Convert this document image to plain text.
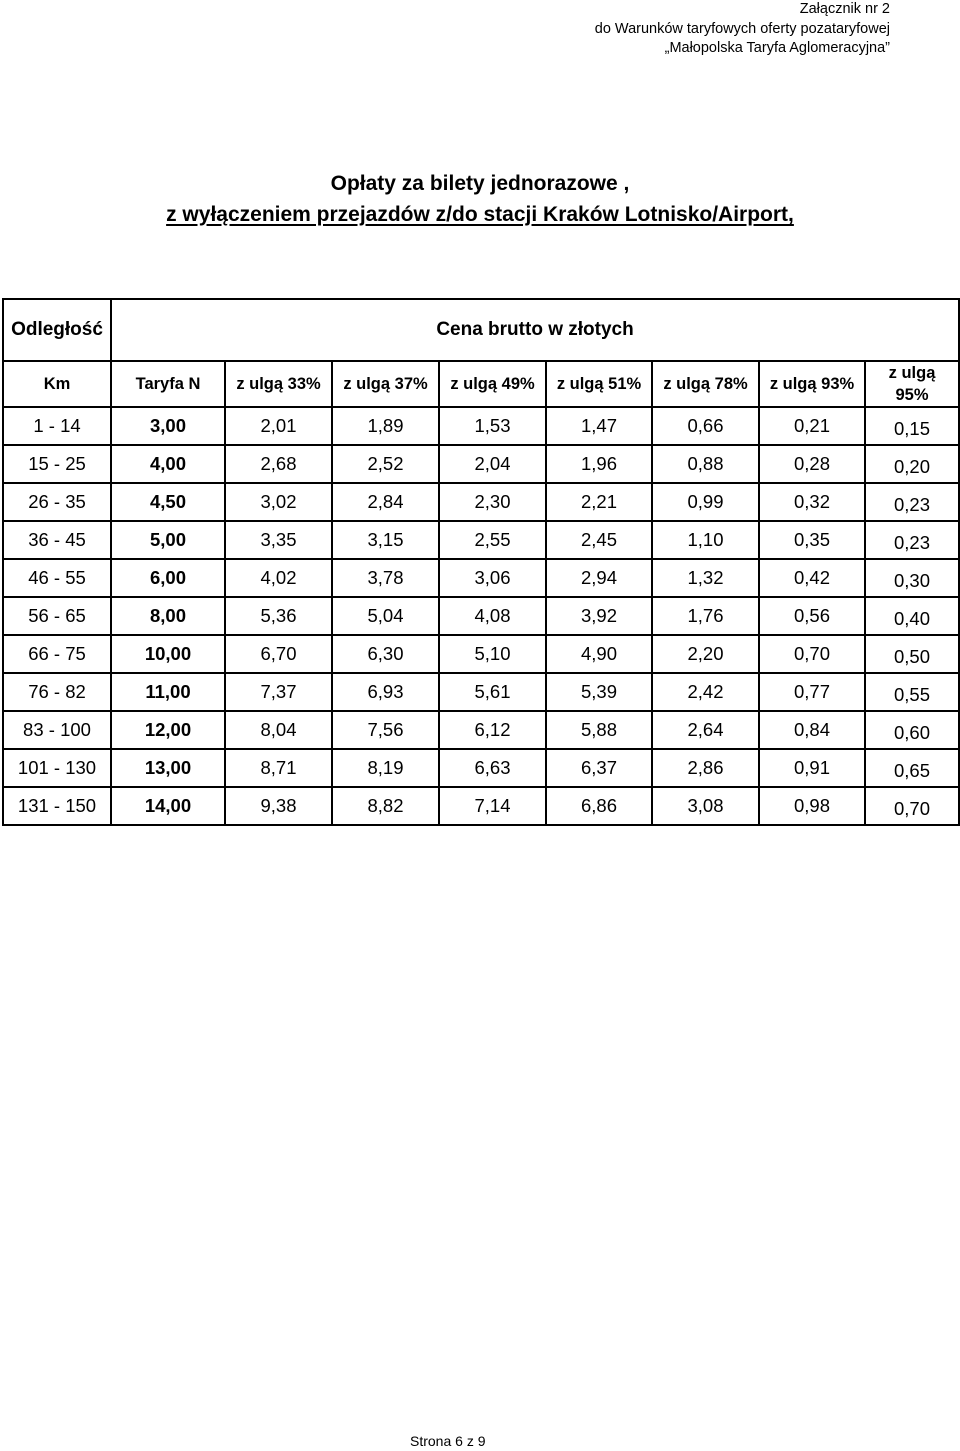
Załącznik nr 2
do Warunków taryfowych oferty pozataryfowej
„Małopolska Taryfa Aglomeracyjna”
Opłaty za bilety jednorazowe ,
z wyłączeniem przejazdów z/do stacji Kraków Lotnisko/Airport,
Odległość	Cena brutto w złotych							
Km	Taryfa N	z ulgą 33%	z ulgą 37%	z ulgą 49%	z ulgą 51%	z ulgą 78%	z ulgą 93%	z ulgą
95%

1 - 14	3,00	2,01	1,89	1,53	1,47	0,66	0,21	0,15
15 - 25	4,00	2,68	2,52	2,04	1,96	0,88	0,28	0,20
26 - 35	4,50	3,02	2,84	2,30	2,21	0,99	0,32	0,23
36 - 45	5,00	3,35	3,15	2,55	2,45	1,10	0,35	0,23
46 - 55	6,00	4,02	3,78	3,06	2,94	1,32	0,42	0,30
56 - 65	8,00	5,36	5,04	4,08	3,92	1,76	0,56	0,40
66 - 75	10,00	6,70	6,30	5,10	4,90	2,20	0,70	0,50
76 - 82	11,00	7,37	6,93	5,61	5,39	2,42	0,77	0,55
83 - 100	12,00	8,04	7,56	6,12	5,88	2,64	0,84	0,60
101 - 130	13,00	8,71	8,19	6,63	6,37	2,86	0,91	0,65
131 - 150	14,00	9,38	8,82	7,14	6,86	3,08	0,98	0,70
Strona 6 z 9
